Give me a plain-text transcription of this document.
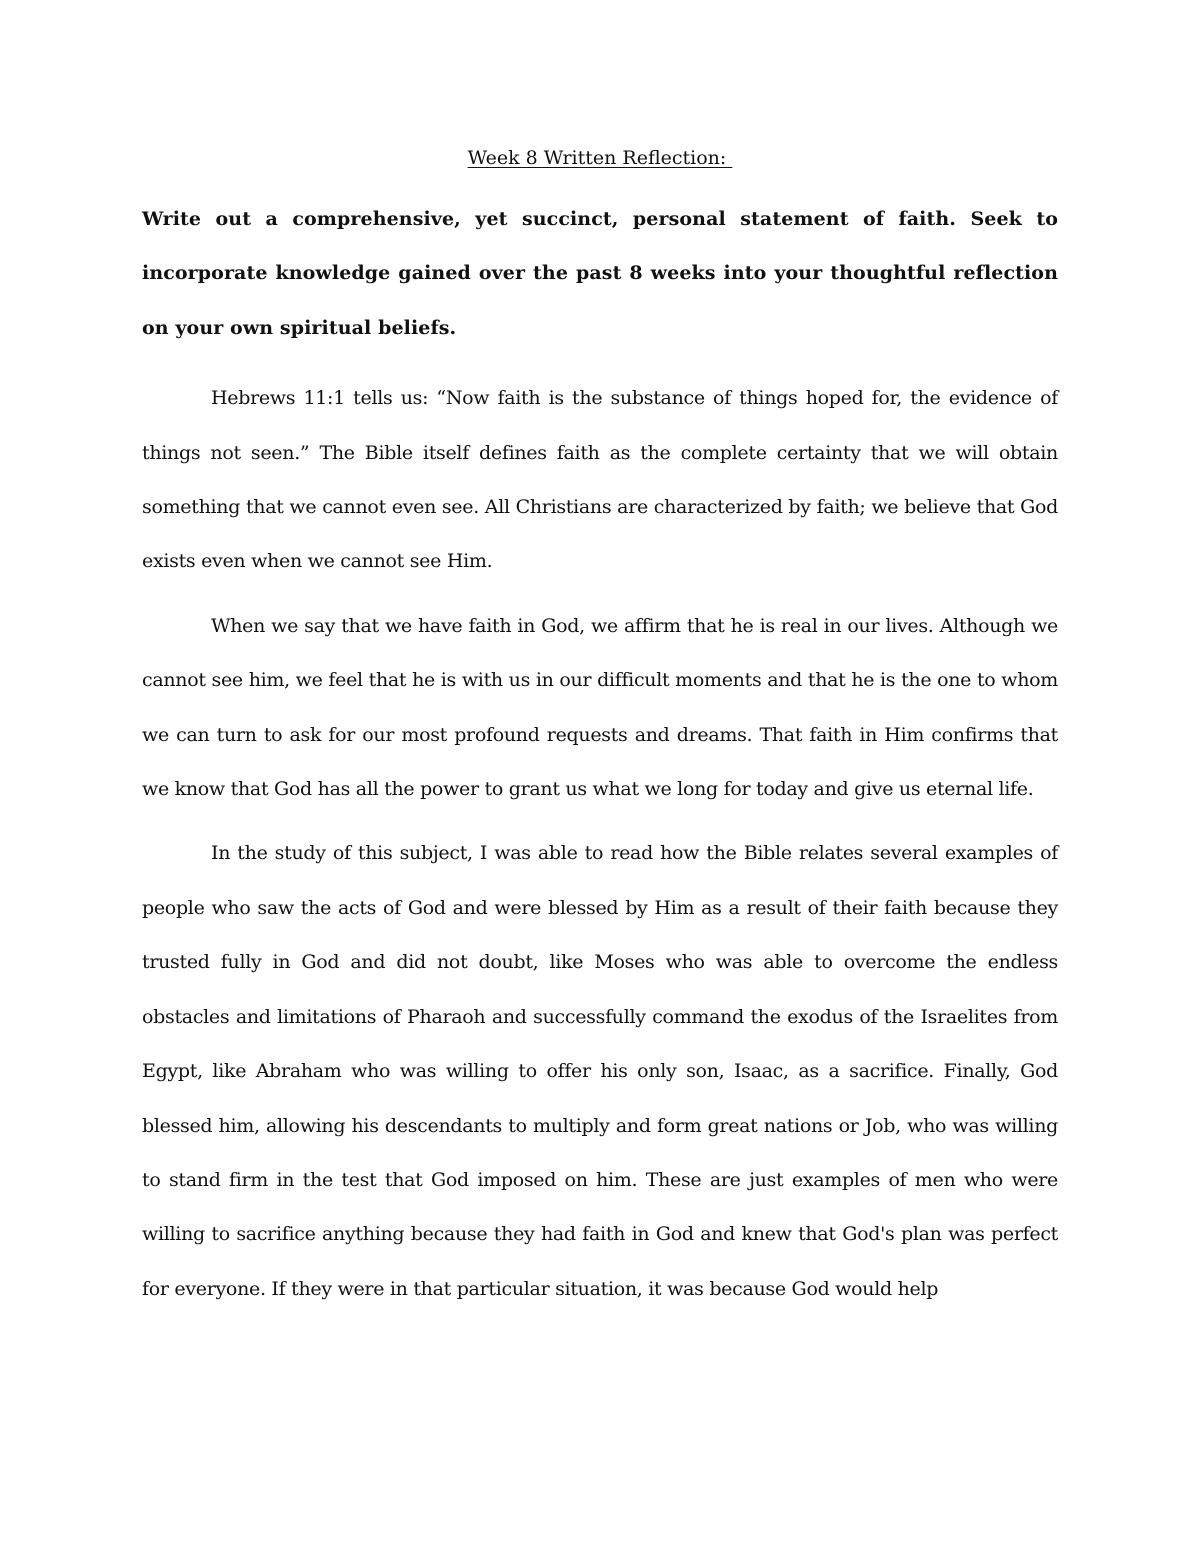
Week 8 Written Reflection:

Write out a comprehensive, yet succinct, personal statement of faith. Seek to incorporate knowledge gained over the past 8 weeks into your thoughtful reflection on your own spiritual beliefs.

Hebrews 11:1 tells us: “Now faith is the substance of things hoped for, the evidence of things not seen.” The Bible itself defines faith as the complete certainty that we will obtain something that we cannot even see. All Christians are characterized by faith; we believe that God exists even when we cannot see Him.

When we say that we have faith in God, we affirm that he is real in our lives. Although we cannot see him, we feel that he is with us in our difficult moments and that he is the one to whom we can turn to ask for our most profound requests and dreams. That faith in Him confirms that we know that God has all the power to grant us what we long for today and give us eternal life.

In the study of this subject, I was able to read how the Bible relates several examples of people who saw the acts of God and were blessed by Him as a result of their faith because they trusted fully in God and did not doubt, like Moses who was able to overcome the endless obstacles and limitations of Pharaoh and successfully command the exodus of the Israelites from Egypt, like Abraham who was willing to offer his only son, Isaac, as a sacrifice. Finally, God blessed him, allowing his descendants to multiply and form great nations or Job, who was willing to stand firm in the test that God imposed on him. These are just examples of men who were willing to sacrifice anything because they had faith in God and knew that God's plan was perfect for everyone. If they were in that particular situation, it was because God would help
